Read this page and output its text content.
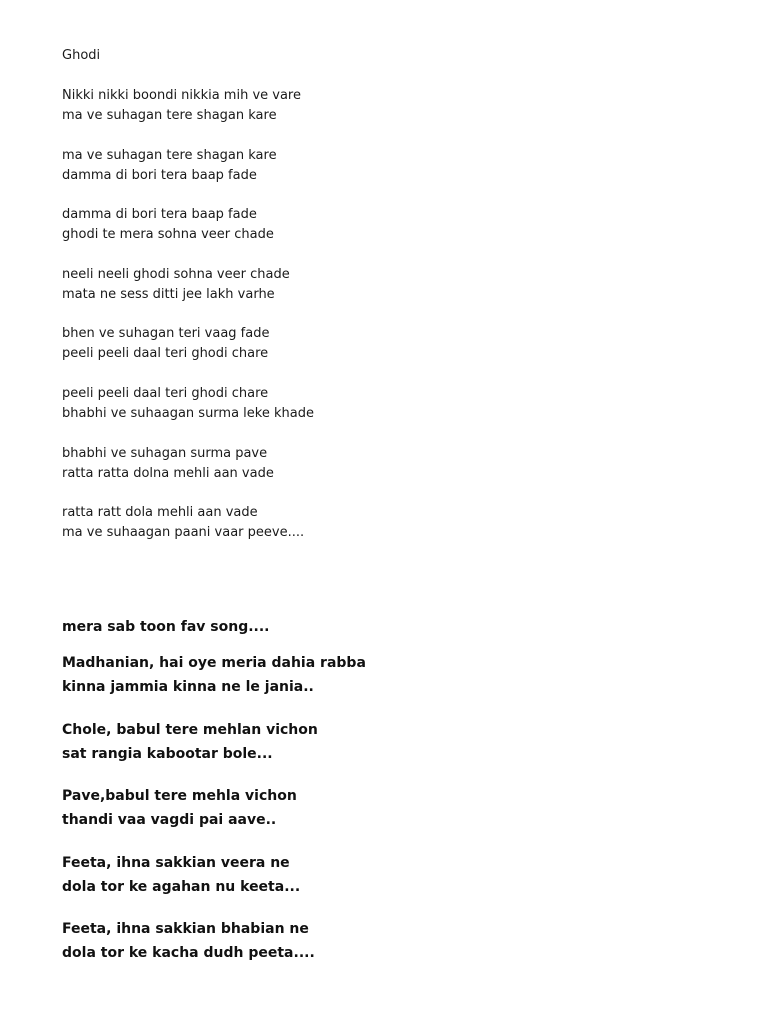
Ghodi
Nikki nikki boondi nikkia mih ve vare
ma ve suhagan tere shagan kare
ma ve suhagan tere shagan kare
damma di bori tera baap fade
damma di bori tera baap fade
ghodi te mera sohna veer chade
neeli neeli ghodi sohna veer chade
mata ne sess ditti jee lakh varhe
bhen ve suhagan teri vaag fade
peeli peeli daal teri ghodi chare
peeli peeli daal teri ghodi chare
bhabhi ve suhaagan surma leke khade
bhabhi ve suhagan surma pave
ratta ratta dolna mehli aan vade
ratta ratt dola mehli aan vade
ma ve suhaagan paani vaar peeve....
mera sab toon fav song....
Madhanian, hai oye meria dahia rabba
kinna jammia kinna ne le jania..
Chole, babul tere mehlan vichon
sat rangia kabootar bole...
Pave,babul tere mehla vichon
thandi vaa vagdi pai aave..
Feeta, ihna sakkian veera ne
dola tor ke agahan nu keeta...
Feeta, ihna sakkian bhabian ne
dola tor ke kacha dudh peeta....
